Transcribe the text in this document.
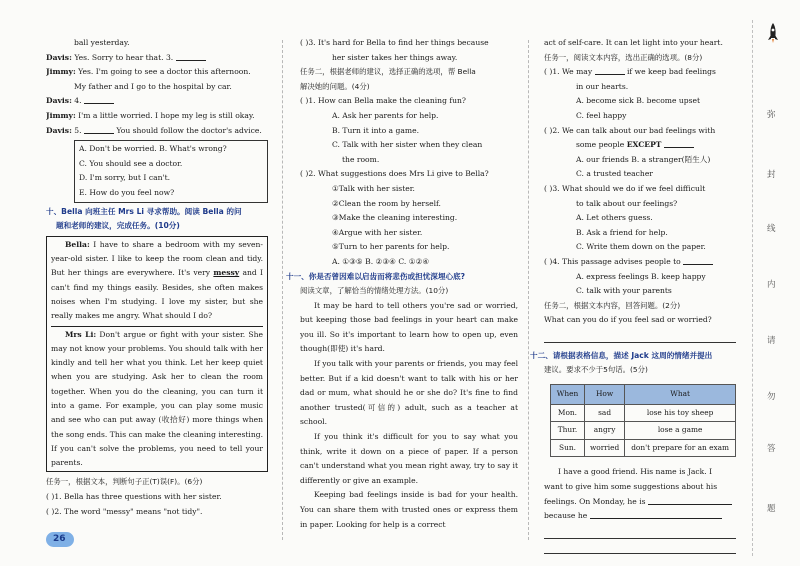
ball yesterday.
Davis: Yes. Sorry to hear that. 3.
Jimmy: Yes. I'm going to see a doctor this afternoon.
My father and I go to the hospital by car.
Davis: 4.
Jimmy: I'm a little worried. I hope my leg is still okay.
Davis: 5.	You should follow the doctor's advice.
A. Don't be worried. B. What's wrong?
C. You should see a doctor.
D. I'm sorry, but I can't.
E. How do you feel now?
十、Bella 向班主任 Mrs Li 寻求帮助。阅读 Bella 的问
题和老师的建议，完成任务。(10分)
Bella: I have to share a bedroom with my seven-year-old sister. I like to keep the room clean and tidy. But her things are everywhere. It's very messy and I can't find my things easily. Besides, she often makes noises when I'm studying. I love my sister, but she really makes me angry. What should I do?
Mrs Li: Don't argue or fight with your sister. She may not know your problems. You should talk with her kindly and tell her what you think. Let her keep quiet when you are studying. Ask her to clean the room together. When you do the cleaning, you can turn it into a game. For example, you can play some music and see who can put away (收拾好) more things when the song ends. This can make the cleaning interesting. If you can't solve the problems, you need to tell your parents.
任务一，根据文本，判断句子正(T)误(F)。(6分)
( )1. Bella has three questions with her sister.
( )2. The word "messy" means "not tidy".
( )3. It's hard for Bella to find her things because
her sister takes her things away.
任务二，根据老师的建议，选择正确的选项，帮 Bella
解决她的问题。(4分)
( )1. How can Bella make the cleaning fun?
A. Ask her parents for help.
B. Turn it into a game.
C. Talk with her sister when they clean
the room.
( )2. What suggestions does Mrs Li give to Bella?
①Talk with her sister.
②Clean the room by herself.
③Make the cleaning interesting.
④Argue with her sister.
⑤Turn to her parents for help.
A. ①③⑤ B. ②③④ C. ①②④
十一、你是否曾因难以启齿而将悲伤或担忧深埋心底?
阅读文章，了解恰当的情绪处理方法。(10分)
It may be hard to tell others you're sad or worried, but keeping those bad feelings in your heart can make you ill. So it's important to learn how to open up, even though(即使) it's hard.
If you talk with your parents or friends, you may feel better. But if a kid doesn't want to talk with his or her dad or mum, what should he or she do? It's fine to find another trusted(可信的) adult, such as a teacher at school.
If you think it's difficult for you to say what you think, write it down on a piece of paper. If a person can't understand what you mean right away, try to say it differently or give an example.
Keeping bad feelings inside is bad for your health. You can share them with trusted ones or express them in paper. Looking for help is a correct
act of self-care. It can let light into your heart.
任务一，阅读文本内容，选出正确的选项。(8分)
( )1. We may	if we keep bad feelings
in our hearts.
A. become sick B. become upset
C. feel happy
( )2. We can talk about our bad feelings with
some people EXCEPT
A. our friends B. a stranger(陌生人)
C. a trusted teacher
( )3. What should we do if we feel difficult
to talk about our feelings?
A. Let others guess.
B. Ask a friend for help.
C. Write them down on the paper.
( )4. This passage advises people to
A. express feelings B. keep happy
C. talk with your parents
任务二，根据文本内容，回答问题。(2分)
What can you do if you feel sad or worried?
十二、请根据表格信息，描述 Jack 这周的情绪并提出
建议。要求不少于5句话。(5分)
When	How	What
Mon.	sad	lose his toy sheep
Thur.	angry	lose a game
Sun.	worried	don't prepare for an exam
I have a good friend. His name is Jack. I
want to give him some suggestions about his
feelings. On Monday, he is
because he
弥
封
线
内
请
勿
答
题
26
